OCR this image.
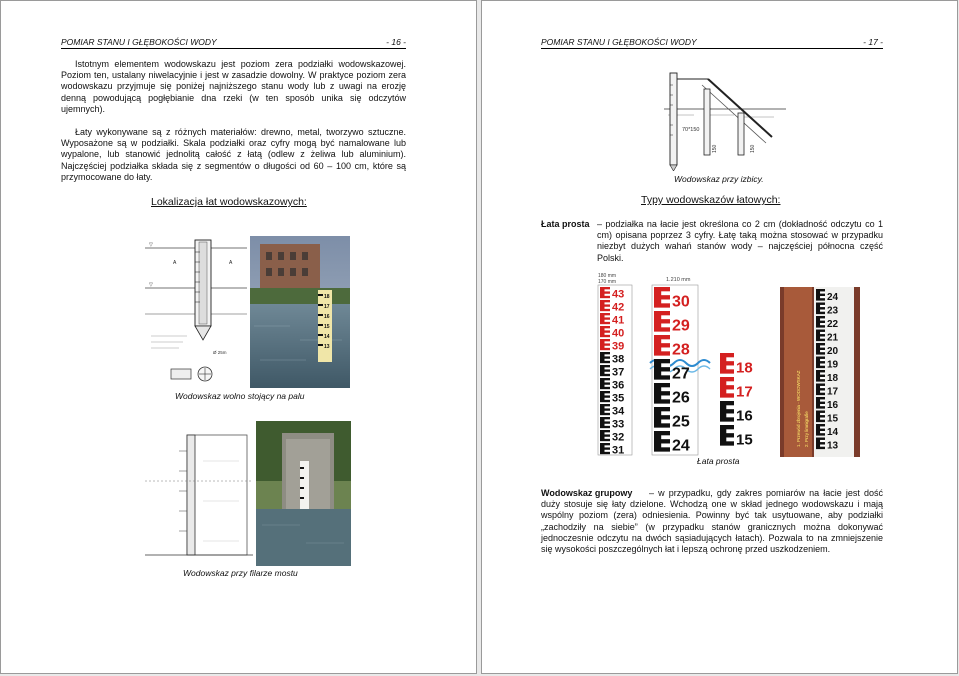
POMIAR STANU I GŁĘBOKOŚCI WODY	- 16 -

Istotnym elementem wodowskazu jest poziom zera podziałki wodowskazowej. Poziom ten, ustalany niwelacyjnie i jest w zasadzie dowolny. W praktyce poziom zera wodowskazu przyjmuje się poniżej najniższego stanu wody lub z uwagi na erozję denną powodującą pogłębianie dna rzeki (w ten sposób unika się odczytów ujemnych).

Łaty wykonywane są z różnych materiałów: drewno, metal, tworzywo sztuczne. Wyposażone są w podziałki. Skala podziałki oraz cyfry mogą być namalowane lub wypalone, lub stanowić jednolitą całość z łatą (odlew z żeliwa lub aluminium). Najczęściej podziałka składa się z segmentów o długości od 60 – 100 cm, które są przymocowane do łaty.

Lokalizacja łat wodowskazowych:
▽
▽
A	A
Ø 25m
18
17
16
15
14
13
Wodowskaz wolno stojący na palu
Wodowskaz przy filarze mostu
POMIAR STANU I GŁĘBOKOŚCI WODY	- 17 -
70*150
150	150
Wodowskaz przy izbicy.
Typy wodowskazów łatowych:
Łata prosta – podziałka na łacie jest określona co 2 cm (dokładność odczytu co 1 cm) opisana poprzez 3 cyfry. Łatę taką można stosować w przypadku niezbyt dużych wahań stanów wody – najczęściej północna część Polski.
180 mm
170 mm	1.210 mm
43
42
41
40
39
38
37
36
35
34
33
32
31
30
29
28
27
26
25
24
18
17
16
15	1. Przewód zbrojenia - WODOWSKAZ 2. Przy limnigrafie
24
23
22
21
20
19
18
17
16
15
14
13
Łata prosta
Wodowskaz grupowy	– w przypadku, gdy zakres pomiarów na łacie jest dość duży stosuje się łaty dzielone. Wchodzą one w skład jednego wodowskazu i mają wspólny poziom (zera) odniesienia. Powinny być tak usytuowane, aby podziałki „zachodziły na siebie” (w przypadku stanów granicznych można dokonywać jednoczesnie odczytu na dwóch sąsiadujących łatach). Pozwala to na zmniejszenie się wysokości poszczególnych łat i lepszą ochronę przed uszkodzeniem.
